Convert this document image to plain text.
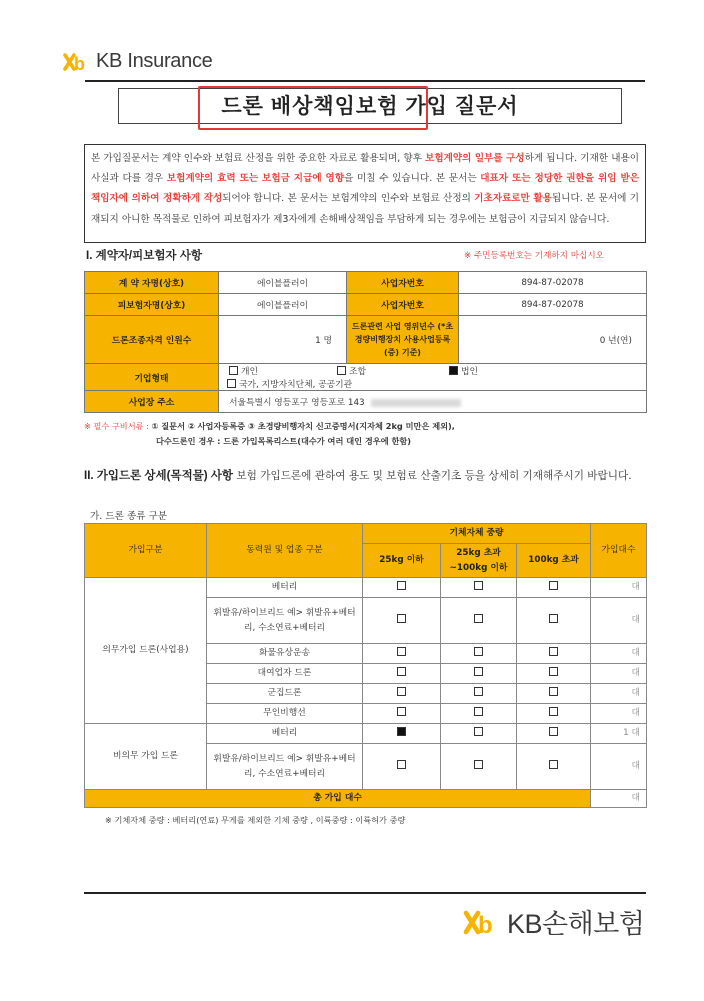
b KB Insurance
드론 배상책임보험 가입 질문서
본 가입질문서는 계약 인수와 보험료 산정을 위한 중요한 자료로 활용되며, 향후 보험계약의 일부를 구성하게 됩니다. 기재한 내용이 사실과 다를 경우 보험계약의 효력 또는 보험금 지급에 영향을 미칠 수 있습니다. 본 문서는 대표자 또는 정당한 권한을 위임 받은 책임자에 의하여 정확하게 작성되어야 합니다. 본 문서는 보험계약의 인수와 보험료 산정의 기초자료로만 활용됩니다. 본 문서에 기재되지 아니한 목적물로 인하여 피보험자가 제3자에게 손해배상책임을 부담하게 되는 경우에는 보험금이 지급되지 않습니다.
I. 계약자/피보험자 사항	※ 주민등록번호는 기재하지 마십시오
계 약 자명(상호)	에이블플러이	사업자번호	894-87-02078
피보험자명(상호)	에이블플러이	사업자번호	894-87-02078
드론조종자격 인원수	1 명	드론관련 사업 영위년수 (*초경량비행장치 사용사업등록(증) 기준)	0 년(연)
기업형태	개인 조합 법인국가, 지방자치단체, 공공기관		
사업장 주소	서울특별시 영등포구 영등포로 143		
※ 필수 구비서류 : ① 질문서 ② 사업자등록증 ③ 초경량비행자치 신고증명서(지자체 2kg 미만은 제외),
다수드론인 경우 : 드론 가입목록리스트(대수가 여러 대인 경우에 한함)
II. 가입드론 상세(목적물) 사항 보험 가입드론에 관하여 용도 및 보험료 산출기초 등을 상세히 기재해주시기 바랍니다.
가. 드론 종류 구분
가입구분	동력원 및 업종 구분	기체자체 중량			가입대수
		25kg 이하	25kg 초과 ~100kg 이하	100kg 초과	
의무가입 드론(사업용)	베터리				대
	휘발유/하이브리드 예> 휘발유+베터리, 수소연료+베터리				대
	화물유상운송				대
	대여업자 드론				대
	군집드론				대
	무인비행선				대
비의무 가입 드론	베터리				1 대
	휘발유/하이브리드 예> 휘발유+베터리, 수소연료+베터리				대
총 가입 대수					대
※ 기체자체 중량 : 베터리(연료) 무게를 제외한 기체 중량 , 이륙중량 : 이륙허가 중량
b KB손해보험
